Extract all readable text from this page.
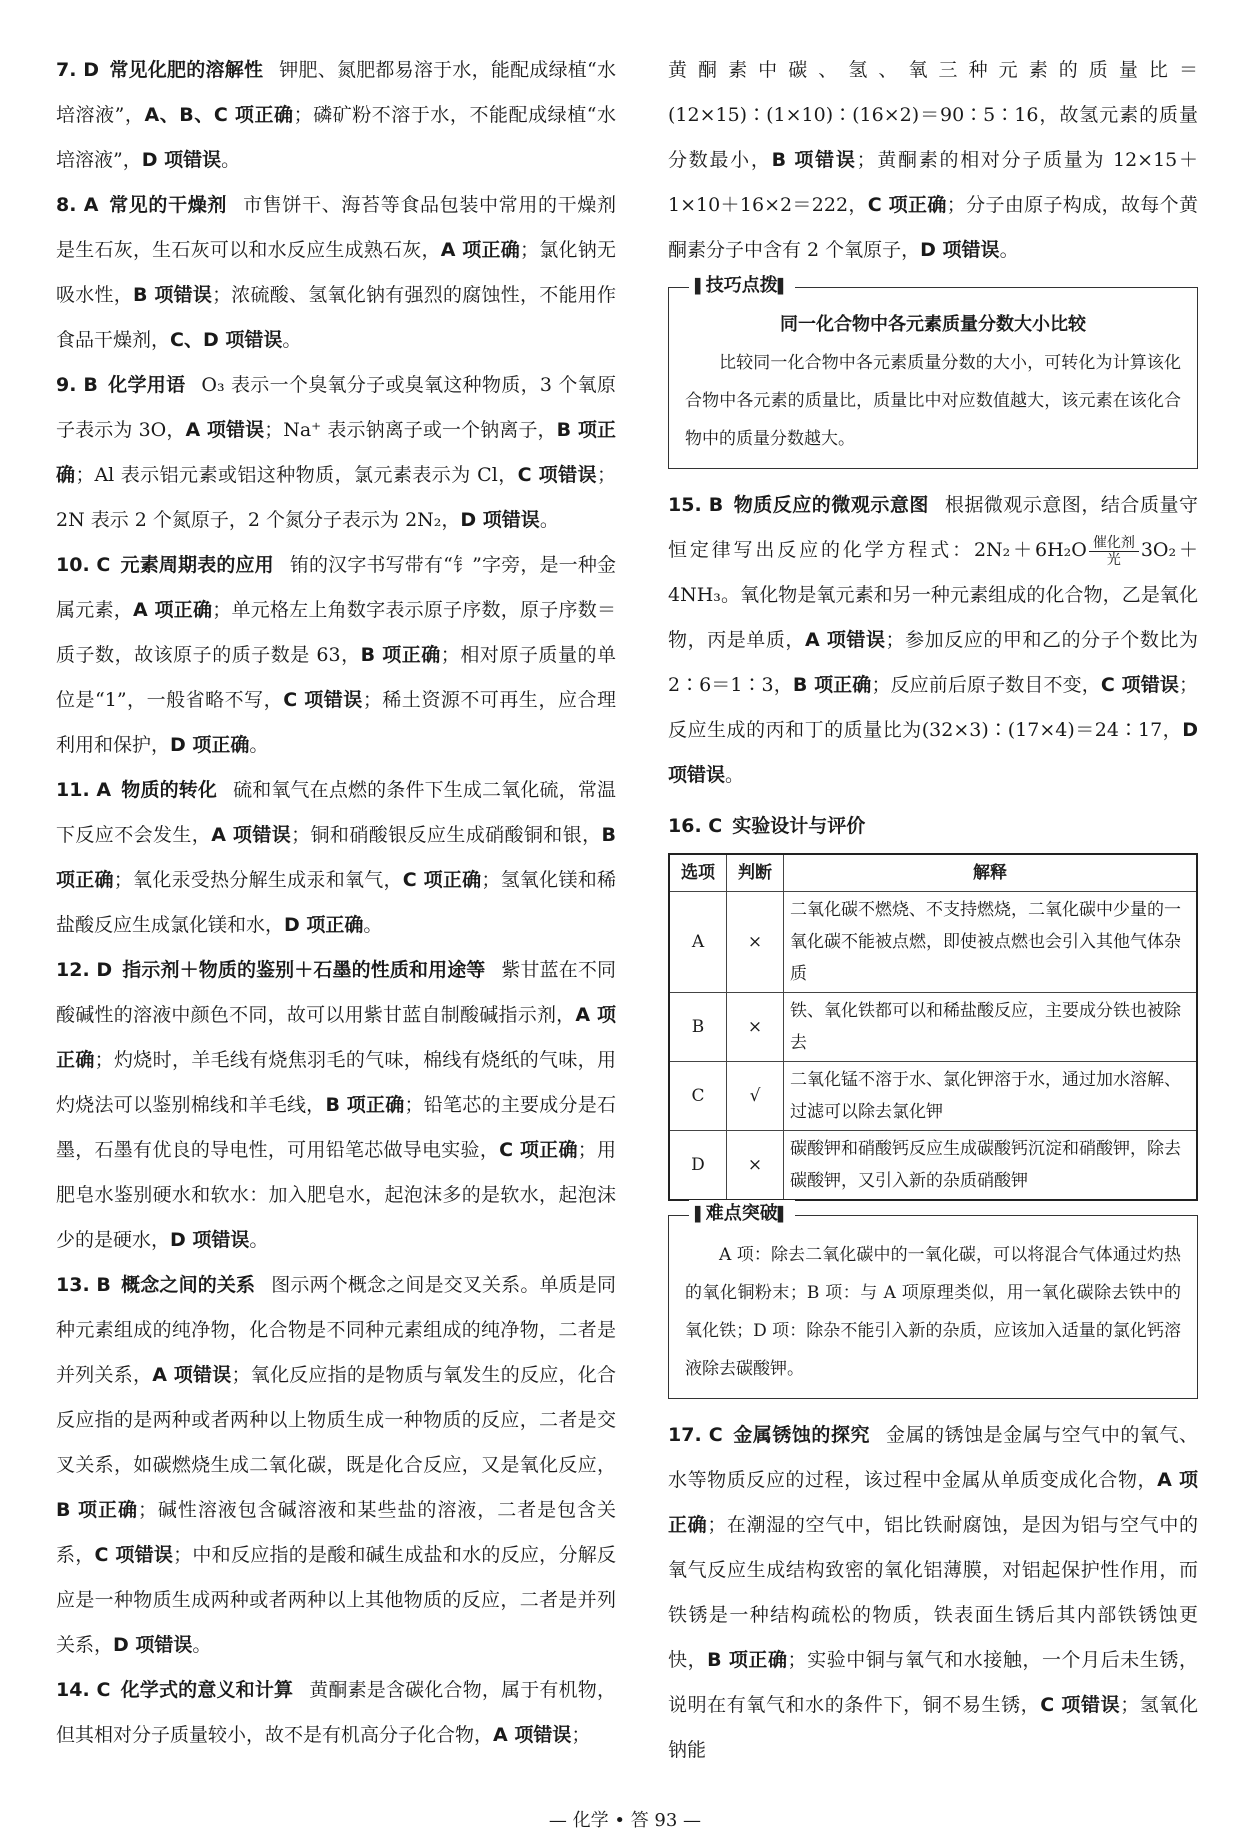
7. D 常见化肥的溶解性 钾肥、氮肥都易溶于水，能配成绿植“水培溶液”，A、B、C 项正确；磷矿粉不溶于水，不能配成绿植“水培溶液”，D 项错误。

8. A 常见的干燥剂 市售饼干、海苔等食品包装中常用的干燥剂是生石灰，生石灰可以和水反应生成熟石灰，A 项正确；氯化钠无吸水性，B 项错误；浓硫酸、氢氧化钠有强烈的腐蚀性，不能用作食品干燥剂，C、D 项错误。

9. B 化学用语 O₃ 表示一个臭氧分子或臭氧这种物质，3 个氧原子表示为 3O，A 项错误；Na⁺ 表示钠离子或一个钠离子，B 项正确；Al 表示铝元素或铝这种物质，氯元素表示为 Cl，C 项错误；2N 表示 2 个氮原子，2 个氮分子表示为 2N₂，D 项错误。

10. C 元素周期表的应用 铕的汉字书写带有“钅”字旁，是一种金属元素，A 项正确；单元格左上角数字表示原子序数，原子序数＝质子数，故该原子的质子数是 63，B 项正确；相对原子质量的单位是“1”，一般省略不写，C 项错误；稀土资源不可再生，应合理利用和保护，D 项正确。

11. A 物质的转化 硫和氧气在点燃的条件下生成二氧化硫，常温下反应不会发生，A 项错误；铜和硝酸银反应生成硝酸铜和银，B 项正确；氧化汞受热分解生成汞和氧气，C 项正确；氢氧化镁和稀盐酸反应生成氯化镁和水，D 项正确。

12. D 指示剂＋物质的鉴别＋石墨的性质和用途等 紫甘蓝在不同酸碱性的溶液中颜色不同，故可以用紫甘蓝自制酸碱指示剂，A 项正确；灼烧时，羊毛线有烧焦羽毛的气味，棉线有烧纸的气味，用灼烧法可以鉴别棉线和羊毛线，B 项正确；铅笔芯的主要成分是石墨，石墨有优良的导电性，可用铅笔芯做导电实验，C 项正确；用肥皂水鉴别硬水和软水：加入肥皂水，起泡沫多的是软水，起泡沫少的是硬水，D 项错误。

13. B 概念之间的关系 图示两个概念之间是交叉关系。单质是同种元素组成的纯净物，化合物是不同种元素组成的纯净物，二者是并列关系，A 项错误；氧化反应指的是物质与氧发生的反应，化合反应指的是两种或者两种以上物质生成一种物质的反应，二者是交叉关系，如碳燃烧生成二氧化碳，既是化合反应，又是氧化反应，B 项正确；碱性溶液包含碱溶液和某些盐的溶液，二者是包含关系，C 项错误；中和反应指的是酸和碱生成盐和水的反应，分解反应是一种物质生成两种或者两种以上其他物质的反应，二者是并列关系，D 项错误。

14. C 化学式的意义和计算 黄酮素是含碳化合物，属于有机物，但其相对分子质量较小，故不是有机高分子化合物，A 项错误；

黄酮素中碳、氢、氧三种元素的质量比＝(12×15)∶(1×10)∶(16×2)＝90∶5∶16，故氢元素的质量分数最小，B 项错误；黄酮素的相对分子质量为 12×15＋1×10＋16×2＝222，C 项正确；分子由原子构成，故每个黄酮素分子中含有 2 个氧原子，D 项错误。

▌ 技巧点拨 ▌
同一化合物中各元素质量分数大小比较

比较同一化合物中各元素质量分数的大小，可转化为计算该化合物中各元素的质量比，质量比中对应数值越大，该元素在该化合物中的质量分数越大。

15. B 物质反应的微观示意图 根据微观示意图，结合质量守恒定律写出反应的化学方程式：2N₂＋6H₂O 催化剂
光	3O₂＋4NH₃。氧化物是氧元素和另一种元素组成的化合物，乙是氧化物，丙是单质，A 项错误；参加反应的甲和乙的分子个数比为 2∶6＝1∶3，B 项正确；反应前后原子数目不变，C 项错误；反应生成的丙和丁的质量比为(32×3)∶(17×4)＝24∶17，D 项错误。

16. C 实验设计与评价

选项	判断	解释
A	×	二氧化碳不燃烧、不支持燃烧，二氧化碳中少量的一氧化碳不能被点燃，即使被点燃也会引入其他气体杂质
B	×	铁、氧化铁都可以和稀盐酸反应，主要成分铁也被除去
C	√	二氧化锰不溶于水、氯化钾溶于水，通过加水溶解、过滤可以除去氯化钾
D	×	碳酸钾和硝酸钙反应生成碳酸钙沉淀和硝酸钾，除去碳酸钾，又引入新的杂质硝酸钾
▌ 难点突破 ▌

A 项：除去二氧化碳中的一氧化碳，可以将混合气体通过灼热的氧化铜粉末；B 项：与 A 项原理类似，用一氧化碳除去铁中的氧化铁；D 项：除杂不能引入新的杂质，应该加入适量的氯化钙溶液除去碳酸钾。

17. C 金属锈蚀的探究 金属的锈蚀是金属与空气中的氧气、水等物质反应的过程，该过程中金属从单质变成化合物，A 项正确；在潮湿的空气中，铝比铁耐腐蚀，是因为铝与空气中的氧气反应生成结构致密的氧化铝薄膜，对铝起保护性作用，而铁锈是一种结构疏松的物质，铁表面生锈后其内部铁锈蚀更快，B 项正确；实验中铜与氧气和水接触，一个月后未生锈，说明在有氧气和水的条件下，铜不易生锈，C 项错误；氢氧化钠能

— 化学 • 答 93 —
